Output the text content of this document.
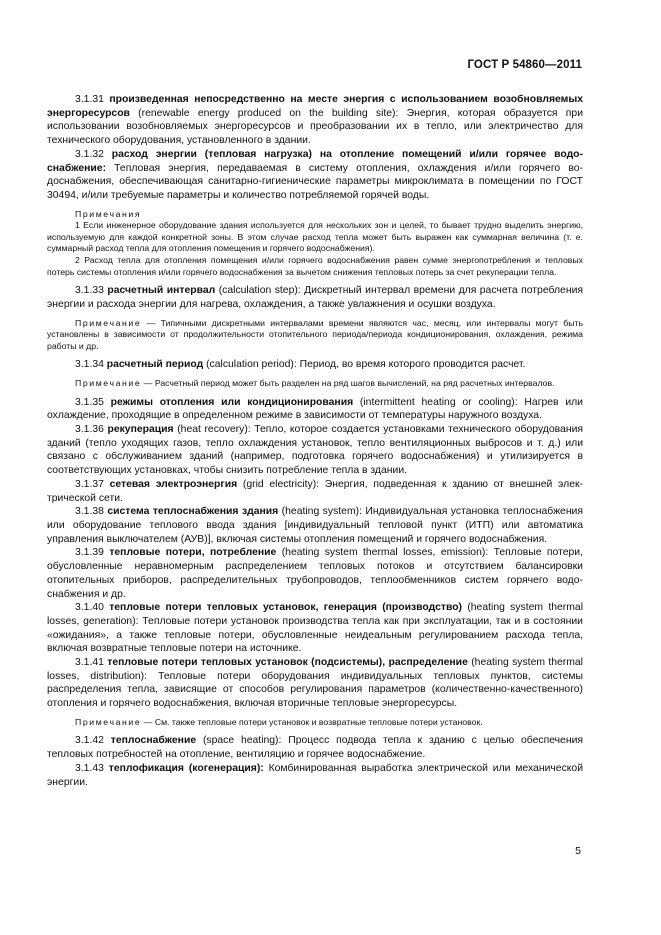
ГОСТ Р 54860—2011

3.1.31 произведенная непосредственно на месте энергия с использованием возобновляемых энергоресурсов (renewable energy produced on the building site): Энергия, которая образуется при использовании возобновляемых энергоресурсов и преобразовании их в тепло, или электричество для технического оборудования, установленного в здании.

3.1.32 расход энергии (тепловая нагрузка) на отопление помещений и/или горячее водоснабжение: Тепловая энергия, передаваемая в систему отопления, охлаждения и/или горячего водоснабжения, обеспечивающая санитарно-гигиенические параметры микроклимата в помещении по ГОСТ 30494, и/или требуемые параметры и количество потребляемой горячей воды.

Примечания

1 Если инженерное оборудование здания используется для нескольких зон и целей, то бывает трудно выделить энергию, используемую для каждой конкретной зоны. В этом случае расход тепла может быть выражен как суммарная величина (т. е. суммарный расход тепла для отопления помещения и горячего водоснабжения).

2 Расход тепла для отопления помещения и/или горячего водоснабжения равен сумме энергопотребления и тепловых потерь системы отопления и/или горячего водоснабжения за вычетом снижения тепловых потерь за счет рекуперации тепла.

3.1.33 расчетный интервал (calculation step): Дискретный интервал времени для расчета потребления энергии и расхода энергии для нагрева, охлаждения, а также увлажнения и осушки воздуха.

Примечание — Типичными дискретными интервалами времени являются час, месяц, или интервалы могут быть установлены в зависимости от продолжительности отопительного периода/периода кондиционирования, охлаждения, режима работы и др.

3.1.34 расчетный период (calculation period): Период, во время которого проводится расчет.

Примечание — Расчетный период может быть разделен на ряд шагов вычислений, на ряд расчетных интервалов.

3.1.35 режимы отопления или кондиционирования (intermittent heating or cooling): Нагрев или охлаждение, проходящие в определенном режиме в зависимости от температуры наружного воздуха.

3.1.36 рекуперация (heat recovery): Тепло, которое создается установками технического оборудования зданий (тепло уходящих газов, тепло охлаждения установок, тепло вентиляционных выбросов и т. д.) или связано с обслуживанием зданий (например, подготовка горячего водоснабжения) и утилизируется в соответствующих установках, чтобы снизить потребление тепла в здании.

3.1.37 сетевая электроэнергия (grid electricity): Энергия, подведенная к зданию от внешней электрической сети.

3.1.38 система теплоснабжения здания (heating system): Индивидуальная установка теплоснабжения или оборудование теплового ввода здания [индивидуальный тепловой пункт (ИТП) или автоматика управления выключателем (АУВ)], включая системы отопления помещений и горячего водоснабжения.

3.1.39 тепловые потери, потребление (heating system thermal losses, emission): Тепловые потери, обусловленные неравномерным распределением тепловых потоков и отсутствием балансировки отопительных приборов, распределительных трубопроводов, теплообменников систем горячего водоснабжения и др.

3.1.40 тепловые потери тепловых установок, генерация (производство) (heating system thermal losses, generation): Тепловые потери установок производства тепла как при эксплуатации, так и в состоянии «ожидания», а также тепловые потери, обусловленные неидеальным регулированием расхода тепла, включая возвратные тепловые потери на источнике.

3.1.41 тепловые потери тепловых установок (подсистемы), распределение (heating system thermal losses, distribution): Тепловые потери оборудования индивидуальных тепловых пунктов, системы распределения тепла, зависящие от способов регулирования параметров (количественно-качественного) отопления и горячего водоснабжения, включая вторичные тепловые энергоресурсы.

Примечание — См. также тепловые потери установок и возвратные тепловые потери установок.

3.1.42 теплоснабжение (space heating): Процесс подвода тепла к зданию с целью обеспечения тепловых потребностей на отопление, вентиляцию и горячее водоснабжение.

3.1.43 теплофикация (когенерация): Комбинированная выработка электрической или механической энергии.

5
